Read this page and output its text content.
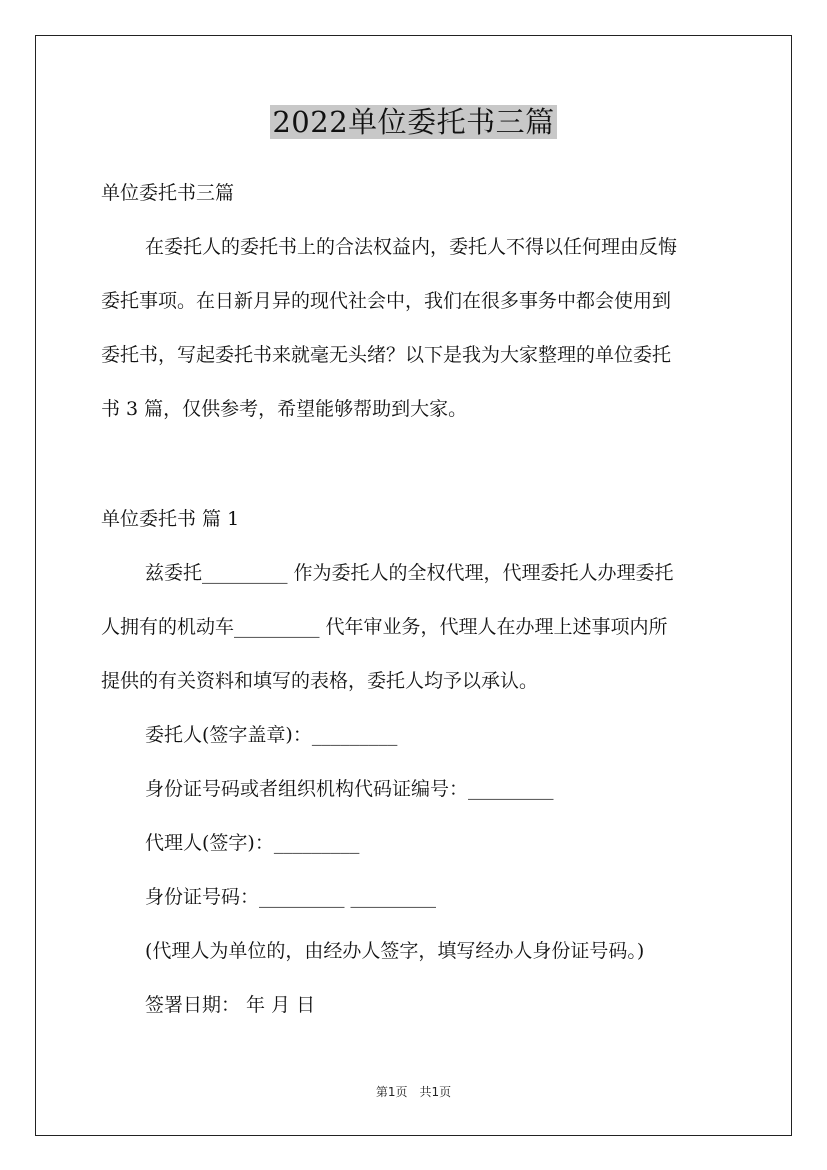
2022单位委托书三篇
单位委托书三篇
在委托人的委托书上的合法权益内，委托人不得以任何理由反悔
委托事项。在日新月异的现代社会中，我们在很多事务中都会使用到
委托书，写起委托书来就毫无头绪？以下是我为大家整理的单位委托
书 3 篇，仅供参考，希望能够帮助到大家。
单位委托书 篇 1
兹委托_________ 作为委托人的全权代理，代理委托人办理委托
人拥有的机动车_________ 代年审业务，代理人在办理上述事项内所
提供的有关资料和填写的表格，委托人均予以承认。
委托人(签字盖章)：_________
身份证号码或者组织机构代码证编号：_________
代理人(签字)：_________
身份证号码：_________ _________
(代理人为单位的，由经办人签字，填写经办人身份证号码。)
签署日期： 年 月 日
第1页 共1页
